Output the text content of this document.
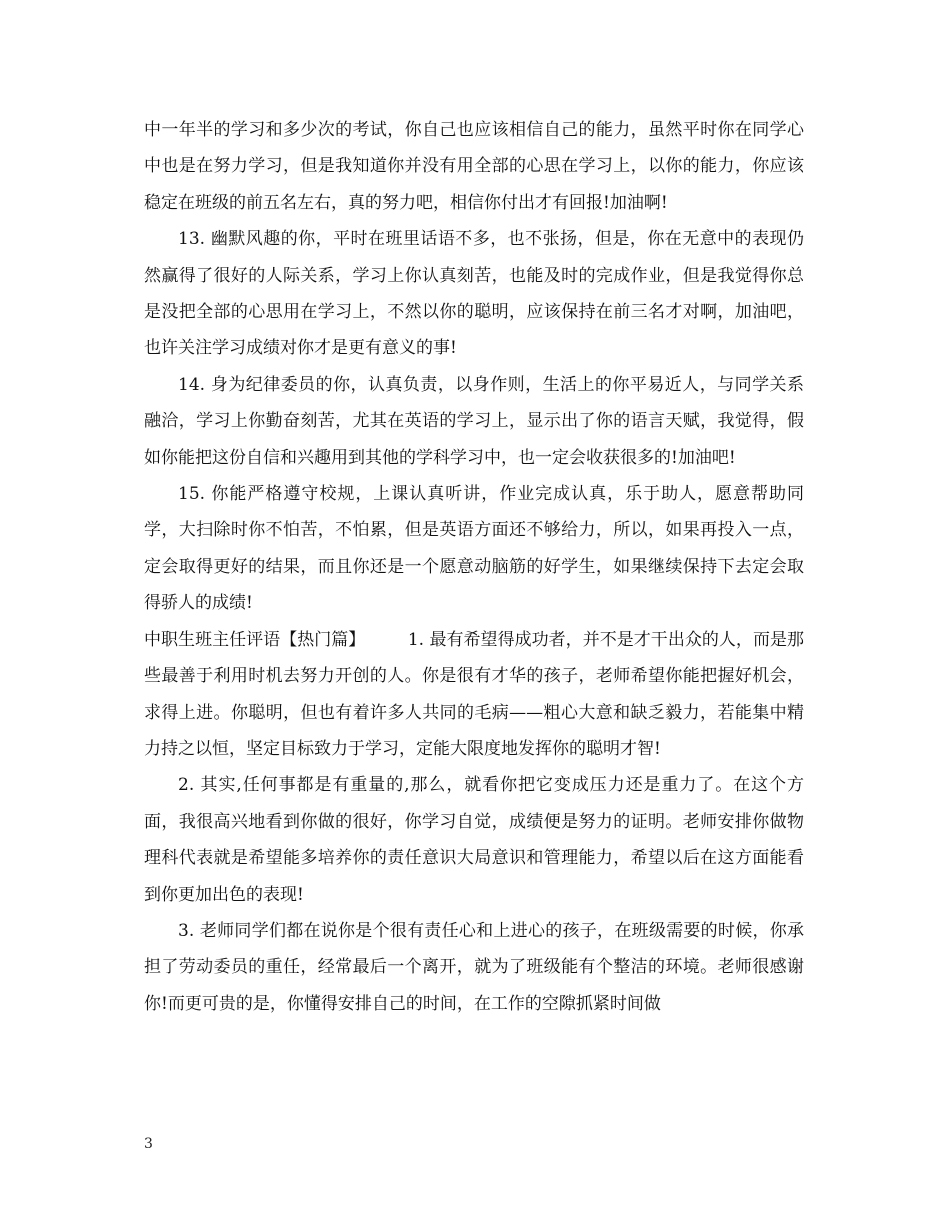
中一年半的学习和多少次的考试，你自己也应该相信自己的能力，虽然平时你在同学心中也是在努力学习，但是我知道你并没有用全部的心思在学习上，以你的能力，你应该稳定在班级的前五名左右，真的努力吧，相信你付出才有回报!加油啊!

13. 幽默风趣的你，平时在班里话语不多，也不张扬，但是，你在无意中的表现仍然赢得了很好的人际关系，学习上你认真刻苦，也能及时的完成作业，但是我觉得你总是没把全部的心思用在学习上，不然以你的聪明，应该保持在前三名才对啊，加油吧，也许关注学习成绩对你才是更有意义的事!

14. 身为纪律委员的你，认真负责，以身作则，生活上的你平易近人，与同学关系融洽，学习上你勤奋刻苦，尤其在英语的学习上，显示出了你的语言天赋，我觉得，假如你能把这份自信和兴趣用到其他的学科学习中，也一定会收获很多的!加油吧!

15. 你能严格遵守校规，上课认真听讲，作业完成认真，乐于助人，愿意帮助同学，大扫除时你不怕苦，不怕累，但是英语方面还不够给力，所以，如果再投入一点，定会取得更好的结果，而且你还是一个愿意动脑筋的好学生，如果继续保持下去定会取得骄人的成绩!

中职生班主任评语【热门篇】   	1. 最有希望得成功者，并不是才干出众的人，而是那些最善于利用时机去努力开创的人。你是很有才华的孩子，老师希望你能把握好机会，求得上进。你聪明，但也有着许多人共同的毛病——粗心大意和缺乏毅力，若能集中精力持之以恒，坚定目标致力于学习，定能大限度地发挥你的聪明才智!

2. 其实,任何事都是有重量的,那么，就看你把它变成压力还是重力了。在这个方面，我很高兴地看到你做的很好，你学习自觉，成绩便是努力的证明。老师安排你做物理科代表就是希望能多培养你的责任意识大局意识和管理能力，希望以后在这方面能看到你更加出色的表现!

3. 老师同学们都在说你是个很有责任心和上进心的孩子，在班级需要的时候，你承担了劳动委员的重任，经常最后一个离开，就为了班级能有个整洁的环境。老师很感谢你!而更可贵的是，你懂得安排自己的时间，在工作的空隙抓紧时间做

3
